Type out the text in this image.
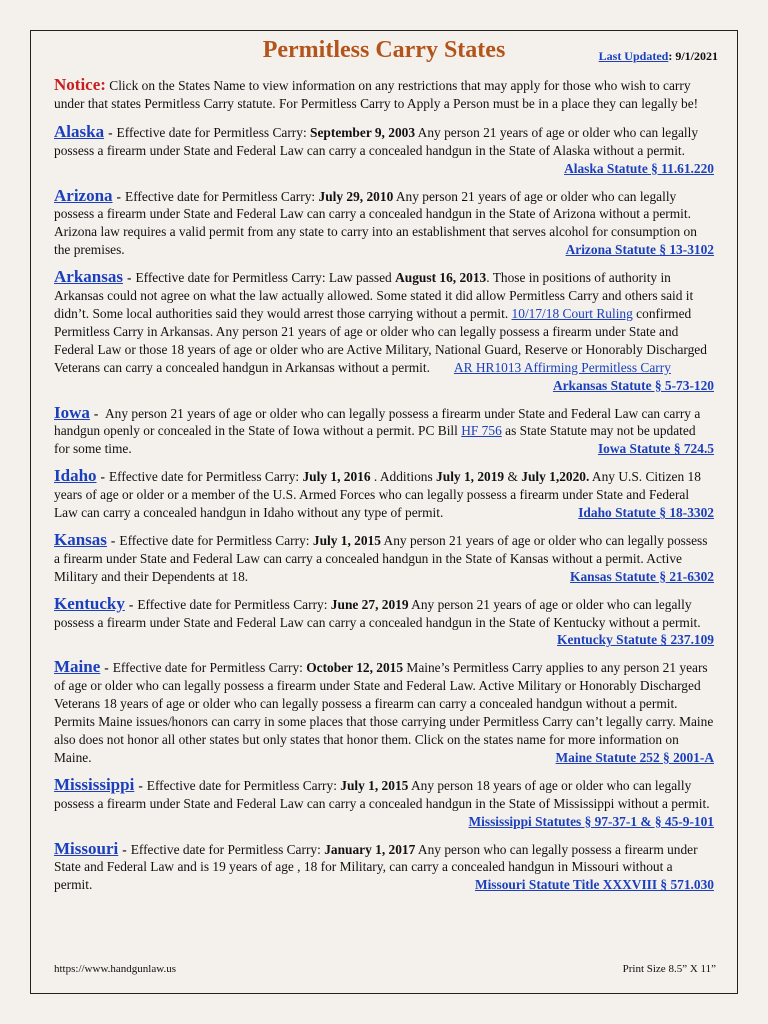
Permitless Carry States	Last Updated: 9/1/2021

Notice: Click on the States Name to view information on any restrictions that may apply for those who wish to carry under that states Permitless Carry statute. For Permitless Carry to Apply a Person must be in a place they can legally be!

Alaska - Effective date for Permitless Carry: September 9, 2003 Any person 21 years of age or older who can legally possess a firearm under State and Federal Law can carry a concealed handgun in the State of Alaska without a permit.
Alaska Statute § 11.61.220

Arizona - Effective date for Permitless Carry: July 29, 2010 Any person 21 years of age or older who can legally possess a firearm under State and Federal Law can carry a concealed handgun in the State of Arizona without a permit. Arizona law requires a valid permit from any state to carry into an establishment that serves alcohol for consumption on the premises.	Arizona Statute § 13-3102

Arkansas - Effective date for Permitless Carry: Law passed August 16, 2013. Those in positions of authority in Arkansas could not agree on what the law actually allowed. Some stated it did allow Permitless Carry and others said it didn’t. Some local authorities said they would arrest those carrying without a permit. 10/17/18 Court Ruling confirmed Permitless Carry in Arkansas. Any person 21 years of age or older who can legally possess a firearm under State and Federal Law or those 18 years of age or older who are Active Military, National Guard, Reserve or Honorably Discharged Veterans can carry a concealed handgun in Arkansas without a permit. AR HR1013 Affirming Permitless Carry
Arkansas Statute § 5-73-120

Iowa - Any person 21 years of age or older who can legally possess a firearm under State and Federal Law can carry a handgun openly or concealed in the State of Iowa without a permit. PC Bill HF 756 as State Statute may not be updated for some time.	Iowa Statute § 724.5

Idaho - Effective date for Permitless Carry: July 1, 2016 . Additions July 1, 2019 & July 1,2020. Any U.S. Citizen 18 years of age or older or a member of the U.S. Armed Forces who can legally possess a firearm under State and Federal Law can carry a concealed handgun in Idaho without any type of permit.	Idaho Statute § 18-3302

Kansas - Effective date for Permitless Carry: July 1, 2015 Any person 21 years of age or older who can legally possess a firearm under State and Federal Law can carry a concealed handgun in the State of Kansas without a permit. Active Military and their Dependents at 18.	Kansas Statute § 21-6302

Kentucky - Effective date for Permitless Carry: June 27, 2019 Any person 21 years of age or older who can legally possess a firearm under State and Federal Law can carry a concealed handgun in the State of Kentucky without a permit.
Kentucky Statute § 237.109

Maine - Effective date for Permitless Carry: October 12, 2015 Maine’s Permitless Carry applies to any person 21 years of age or older who can legally possess a firearm under State and Federal Law. Active Military or Honorably Discharged Veterans 18 years of age or older who can legally possess a firearm can carry a concealed handgun without a permit. Permits Maine issues/honors can carry in some places that those carrying under Permitless Carry can’t legally carry. Maine also does not honor all other states but only states that honor them. Click on the states name for more information on Maine.	Maine Statute 252 § 2001-A

Mississippi - Effective date for Permitless Carry: July 1, 2015 Any person 18 years of age or older who can legally possess a firearm under State and Federal Law can carry a concealed handgun in the State of Mississippi without a permit.
Mississippi Statutes § 97-37-1 & § 45-9-101

Missouri - Effective date for Permitless Carry: January 1, 2017 Any person who can legally possess a firearm under State and Federal Law and is 19 years of age , 18 for Military, can carry a concealed handgun in Missouri without a permit.	Missouri Statute Title XXXVIII § 571.030

https://www.handgunlaw.us	Print Size 8.5” X 11”
